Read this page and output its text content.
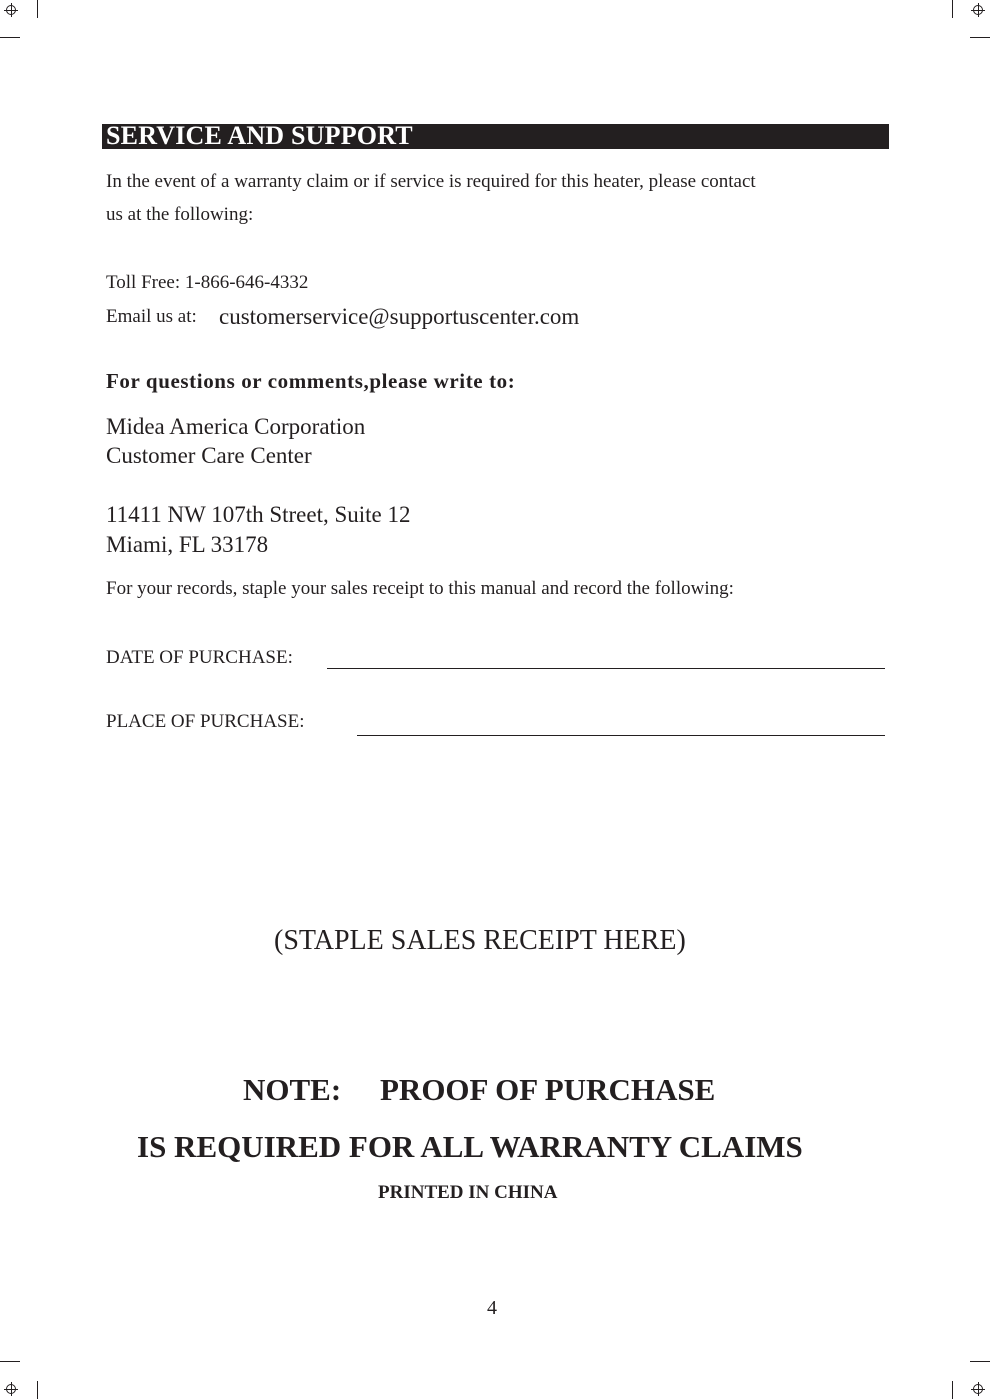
SERVICE AND SUPPORT
In the event of a warranty claim or if service is required for this heater, please contact
us at the following:
Toll Free: 1-866-646-4332
Email us at: customerservice@supportuscenter.com
For questions or comments,please write to:
Midea America Corporation
Customer Care Center
11411 NW 107th Street, Suite 12
Miami, FL 33178
For your records, staple your sales receipt to this manual and record the following:
DATE OF PURCHASE:
PLACE OF PURCHASE:
(STAPLE SALES RECEIPT HERE)
NOTE: PROOF OF PURCHASE
IS REQUIRED FOR ALL WARRANTY CLAIMS
PRINTED IN CHINA
4
